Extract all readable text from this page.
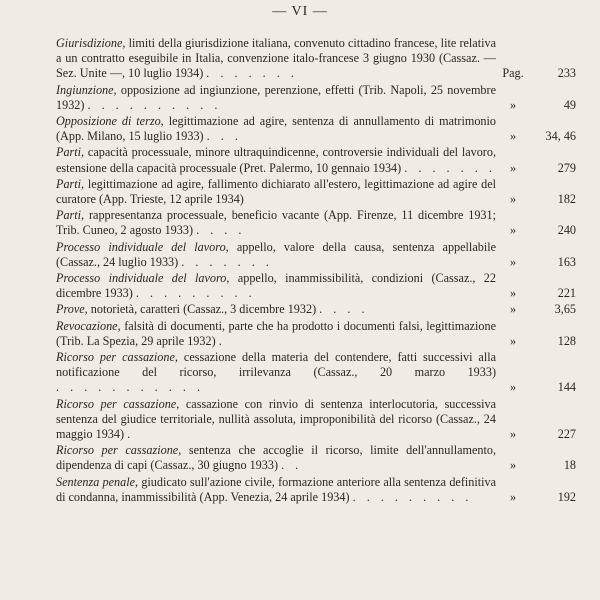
— VI —
Giurisdizione, limiti della giurisdizione italiana, convenuto cittadino francese, lite relativa a un contratto eseguibile in Italia, convenzione italo-francese 3 giugno 1930 (Cassaz. — Sez. Unite —, 10 luglio 1934) . . . . . . .	Pag.	233
Ingiunzione, opposizione ad ingiunzione, perenzione, effetti (Trib. Napoli, 25 novembre 1932) . . . . . . . . . .	»	49
Opposizione di terzo, legittimazione ad agire, sentenza di annullamento di matrimonio (App. Milano, 15 luglio 1933) . . .	»	34, 46
Parti, capacità processuale, minore ultraquindicenne, controversie individuali del lavoro, estensione della capacità processuale (Pret. Palermo, 10 gennaio 1934) . . . . . . .	»	279
Parti, legittimazione ad agire, fallimento dichiarato all'estero, legittimazione ad agire del curatore (App. Trieste, 12 aprile 1934)	»	182
Parti, rappresentanza processuale, beneficio vacante (App. Firenze, 11 dicembre 1931; Trib. Cuneo, 2 agosto 1933) . . . .	»	240
Processo individuale del lavoro, appello, valore della causa, sentenza appellabile (Cassaz., 24 luglio 1933) . . . . . . .	»	163
Processo individuale del lavoro, appello, inammissibilità, condizioni (Cassaz., 22 dicembre 1933) . . . . . . . . .	»	221
Prove, notorietà, caratteri (Cassaz., 3 dicembre 1932) . . . .	»	3,65
Revocazione, falsità di documenti, parte che ha prodotto i documenti falsi, legittimazione (Trib. La Spezia, 29 aprile 1932) .	»	128
Ricorso per cassazione, cessazione della materia del contendere, fatti successivi alla notificazione del ricorso, irrilevanza (Cassaz., 20 marzo 1933) . . . . . . . . . . .	»	144
Ricorso per cassazione, cassazione con rinvio di sentenza interlocutoria, successiva sentenza del giudice territoriale, nullità assoluta, improponibilità del ricorso (Cassaz., 24 maggio 1934) .	»	227
Ricorso per cassazione, sentenza che accoglie il ricorso, limite dell'annullamento, dipendenza di capi (Cassaz., 30 giugno 1933) . .	»	18
Sentenza penale, giudicato sull'azione civile, formazione anteriore alla sentenza definitiva di condanna, inammissibilità (App. Venezia, 24 aprile 1934) . . . . . . . . .	»	192
